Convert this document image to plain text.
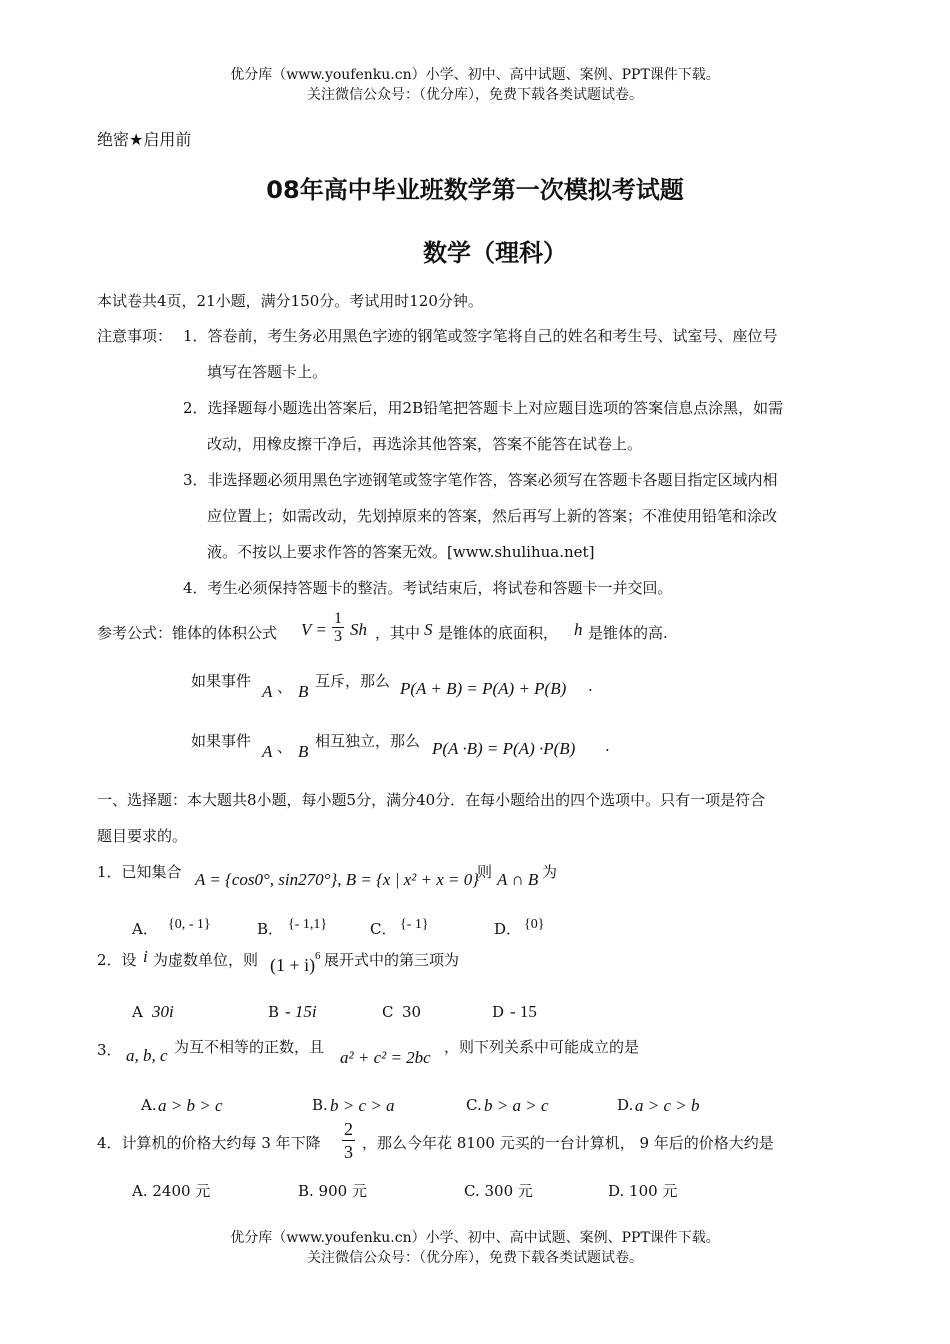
优分库（www.youfenku.cn）小学、初中、高中试题、案例、PPT课件下载。
关注微信公众号：（优分库），免费下载各类试题试卷。
绝密★启用前
08年高中毕业班数学第一次模拟考试题
数学（理科）
本试卷共4页，21小题，满分150分。考试用时120分钟。
注意事项： 1．答卷前，考生务必用黑色字迹的钢笔或签字笔将自己的姓名和考生号、试室号、座位号
填写在答题卡上。
2．选择题每小题选出答案后，用2B铅笔把答题卡上对应题目选项的答案信息点涂黑，如需
改动，用橡皮擦干净后，再选涂其他答案，答案不能答在试卷上。
3．非选择题必须用黑色字迹钢笔或签字笔作答，答案必须写在答题卡各题目指定区域内相
应位置上；如需改动，先划掉原来的答案，然后再写上新的答案；不准使用铅笔和涂改
液。不按以上要求作答的答案无效。[www.shulihua.net]
4．考生必须保持答题卡的整洁。考试结束后，将试卷和答题卡一并交回。
参考公式：锥体的体积公式 $V = \frac{1}{3}$ Sh ，其中 S 是锥体的底面积， h 是锥体的高.
如果事件
A 、 B
互斥，那么 P(A + B) = P(A) + P(B) .
如果事件
A 、 B
相互独立，那么 P(A ·B) = P(A) ·P(B) .
一、选择题：本大题共8小题，每小题5分，满分40分．在每小题给出的四个选项中。只有一项是符合
题目要求的。
1．已知集合 A = {cos0°, sin270°}, B = {x | x² + x = 0}
则 A ∩ B 为
A． {0, - 1}	B． {- 1,1}	C． {- 1}	D． {0}
2．设 i 为虚数单位，则 (1 + i) 6 展开式中的第三项为
A 30i	B - 15i	C 30	D - 15
3． a, b, c 为互不相等的正数，且
a² + c² = 2bc
，则下列关系中可能成立的是
A. a > b > c	B. b > c > a	C. b > a > c	D. a > c > b
4．计算机的价格大约每 3 年下降 $\frac{2}{3}$ ，那么今年花 8100 元买的一台计算机， 9 年后的价格大约是
A. 2400 元	B. 900 元	C. 300 元	D. 100 元
优分库（www.youfenku.cn）小学、初中、高中试题、案例、PPT课件下载。
关注微信公众号：（优分库），免费下载各类试题试卷。
